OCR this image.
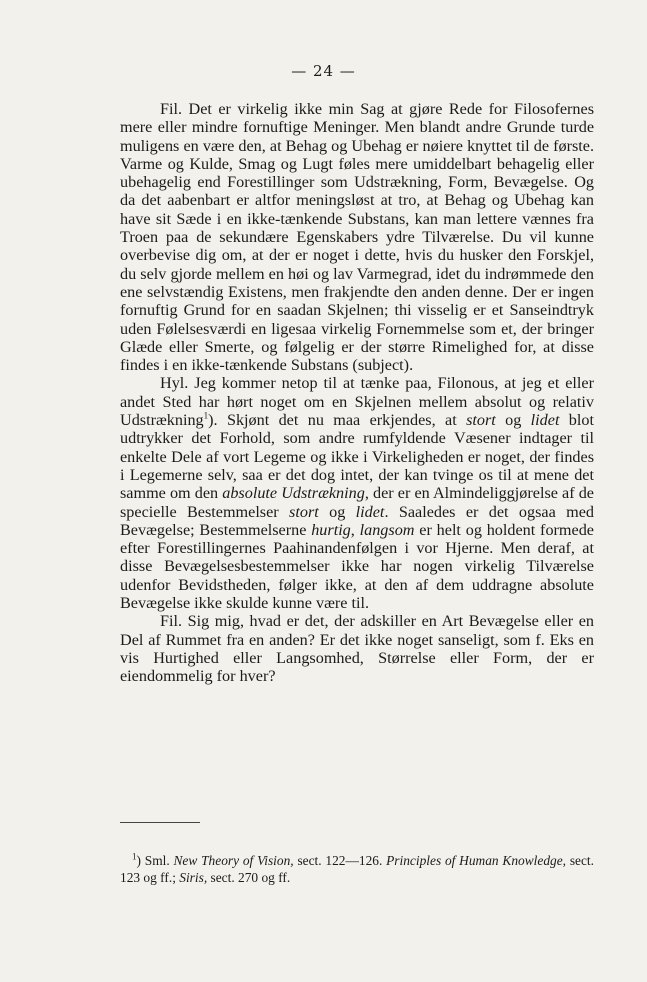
— 24 —

Fil. Det er virkelig ikke min Sag at gjøre Rede for Filosofernes mere eller mindre fornuftige Meninger. Men blandt andre Grunde turde muligens en være den, at Behag og Ubehag er nøiere knyttet til de første. Varme og Kulde, Smag og Lugt føles mere umiddelbart behagelig eller ubehagelig end Forestillinger som Udstrækning, Form, Bevægelse. Og da det aabenbart er altfor meningsløst at tro, at Behag og Ubehag kan have sit Sæde i en ikke-tænkende Substans, kan man lettere vænnes fra Troen paa de sekundære Egenskabers ydre Tilværelse. Du vil kunne overbevise dig om, at der er noget i dette, hvis du husker den Forskjel, du selv gjorde mellem en høi og lav Varmegrad, idet du indrømmede den ene selvstændig Existens, men frakjendte den anden denne. Der er ingen fornuftig Grund for en saadan Skjelnen; thi visselig er et Sanseindtryk uden Følelsesværdi en ligesaa virkelig Fornemmelse som et, der bringer Glæde eller Smerte, og følgelig er der større Rimelighed for, at disse findes i en ikke-tænkende Substans (subject).

Hyl. Jeg kommer netop til at tænke paa, Filonous, at jeg et eller andet Sted har hørt noget om en Skjelnen mellem absolut og relativ Udstrækning$^1$). Skjønt det nu maa erkjendes, at stort og lidet blot udtrykker det Forhold, som andre rumfyldende Væsener indtager til enkelte Dele af vort Legeme og ikke i Virkeligheden er noget, der findes i Legemerne selv, saa er det dog intet, der kan tvinge os til at mene det samme om den absolute Udstrækning, der er en Almindeliggjørelse af de specielle Bestemmelser stort og lidet. Saaledes er det ogsaa med Bevægelse; Bestemmelserne hurtig, langsom er helt og holdent formede efter Forestillingernes Paahinandenfølgen i vor Hjerne. Men deraf, at disse Bevægelsesbestemmelser ikke har nogen virkelig Tilværelse udenfor Bevidstheden, følger ikke, at den af dem uddragne absolute Bevægelse ikke skulde kunne være til.

Fil. Sig mig, hvad er det, der adskiller en Art Bevægelse eller en Del af Rummet fra en anden? Er det ikke noget sanseligt, som f. Eks en vis Hurtighed eller Langsomhed, Størrelse eller Form, der er eiendommelig for hver?

$^1$) Sml. New Theory of Vision, sect. 122—126. Principles of Human Knowledge, sect. 123 og ff.; Siris, sect. 270 og ff.
